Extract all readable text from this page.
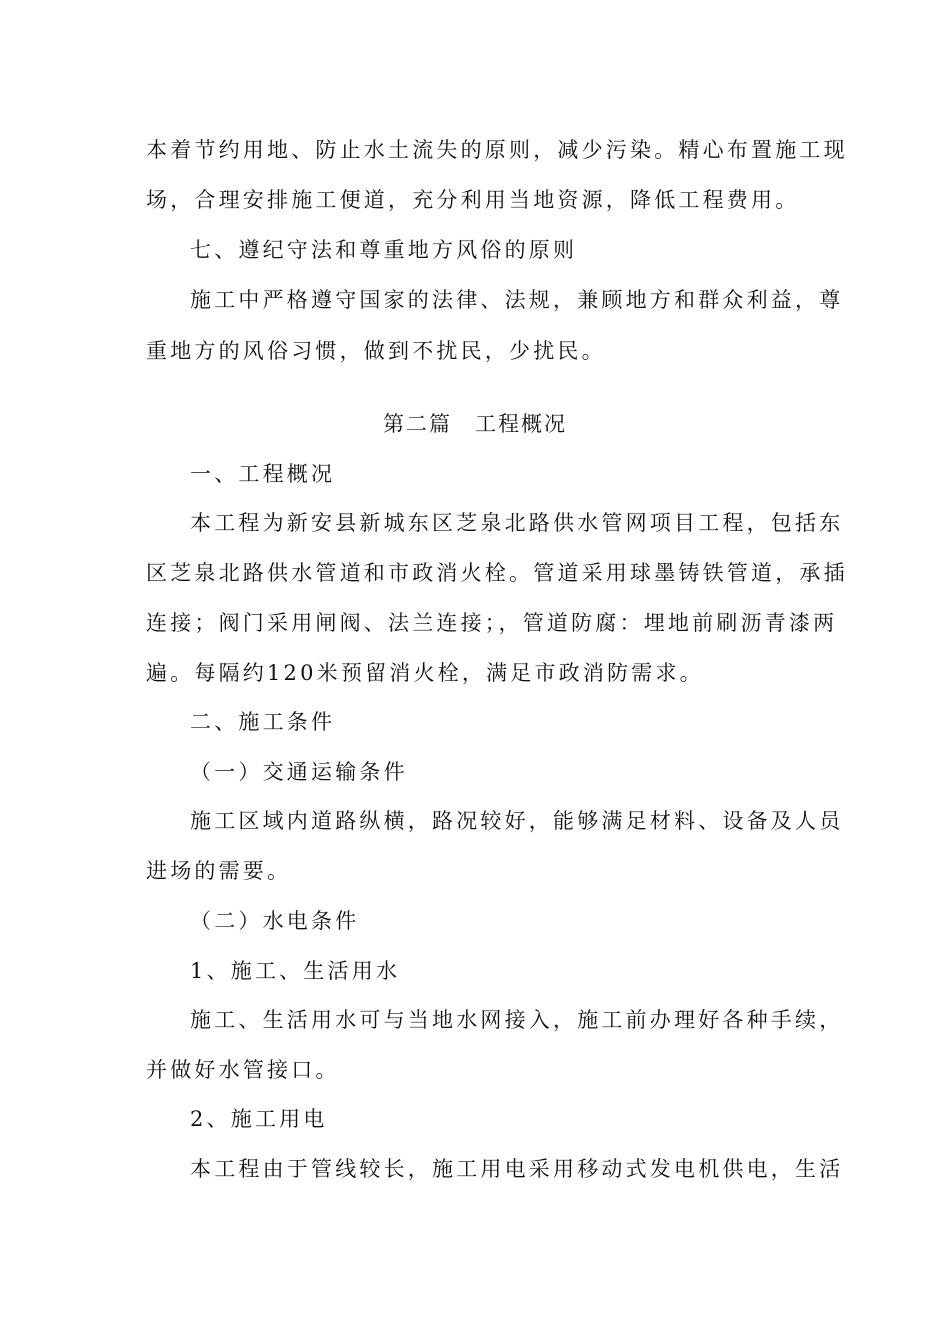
本着节约用地、防止水土流失的原则，减少污染。精心布置施工现
场，合理安排施工便道，充分利用当地资源，降低工程费用。
七、遵纪守法和尊重地方风俗的原则
施工中严格遵守国家的法律、法规，兼顾地方和群众利益，尊
重地方的风俗习惯，做到不扰民，少扰民。
第二篇　工程概况
一、工程概况
本工程为新安县新城东区芝泉北路供水管网项目工程，包括东
区芝泉北路供水管道和市政消火栓。管道采用球墨铸铁管道，承插
连接；阀门采用闸阀、法兰连接；，管道防腐：埋地前刷沥青漆两
遍。每隔约120米预留消火栓，满足市政消防需求。
二、施工条件
（一）交通运输条件
施工区域内道路纵横，路况较好，能够满足材料、设备及人员
进场的需要。
（二）水电条件
1、施工、生活用水
施工、生活用水可与当地水网接入，施工前办理好各种手续，
并做好水管接口。
2、施工用电
本工程由于管线较长，施工用电采用移动式发电机供电，生活
